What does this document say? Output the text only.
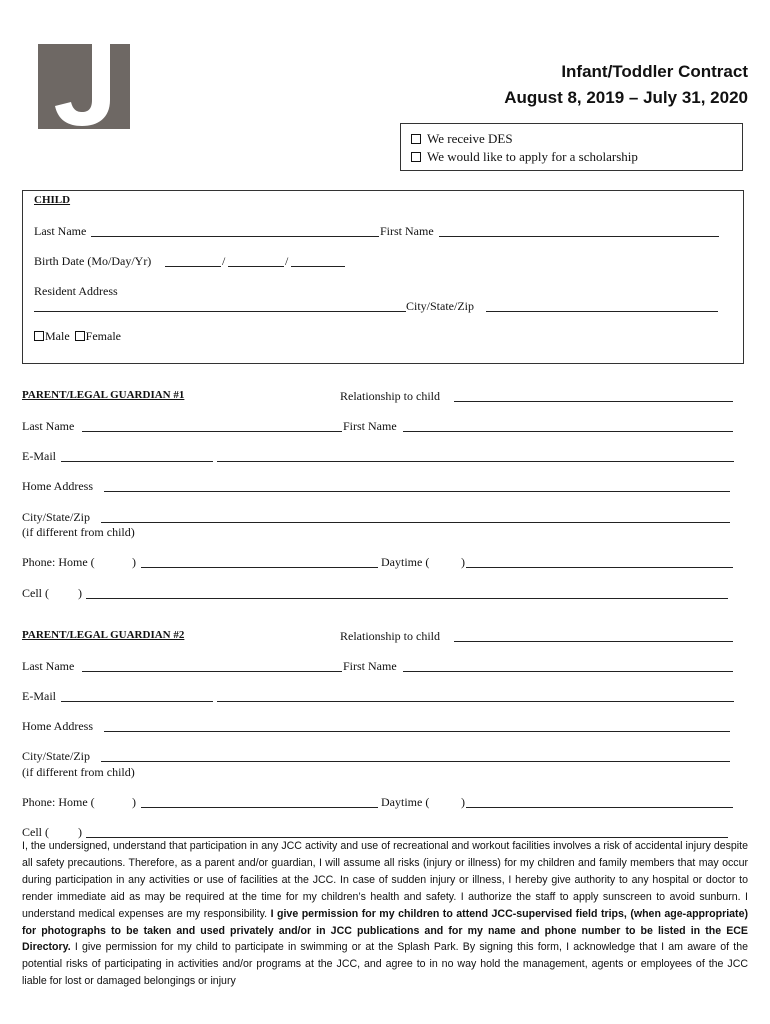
Infant/Toddler Contract
August 8, 2019 – July 31, 2020
We receive DES
We would like to apply for a scholarship
CHILD
Last Name	First Name
Birth Date (Mo/Day/Yr)	/	/
Resident Address
City/State/Zip
Male Female
PARENT/LEGAL GUARDIAN #1	Relationship to child
Last Name	First Name
E-Mail
Home Address
City/State/Zip
(if different from child)
Phone: Home (	)	Daytime (	)
Cell ( )
PARENT/LEGAL GUARDIAN #2	Relationship to child
Last Name	First Name
E-Mail
Home Address
City/State/Zip
(if different from child)
Phone: Home (	)	Daytime (	)
Cell ( )
I, the undersigned, understand that participation in any JCC activity and use of recreational and workout facilities involves a risk of accidental injury despite all safety precautions. Therefore, as a parent and/or guardian, I will assume all risks (injury or illness) for my children and family members that may occur during participation in any activities or use of facilities at the JCC. In case of sudden injury or illness, I hereby give authority to any hospital or doctor to render immediate aid as may be required at the time for my children’s health and safety. I authorize the staff to apply sunscreen to avoid sunburn. I understand medical expenses are my responsibility. I give permission for my children to attend JCC-supervised field trips, (when age-appropriate) for photographs to be taken and used privately and/or in JCC publications and for my name and phone number to be listed in the ECE Directory. I give permission for my child to participate in swimming or at the Splash Park. By signing this form, I acknowledge that I am aware of the potential risks of participating in activities and/or programs at the JCC, and agree to in no way hold the management, agents or employees of the JCC liable for lost or damaged belongings or injury
